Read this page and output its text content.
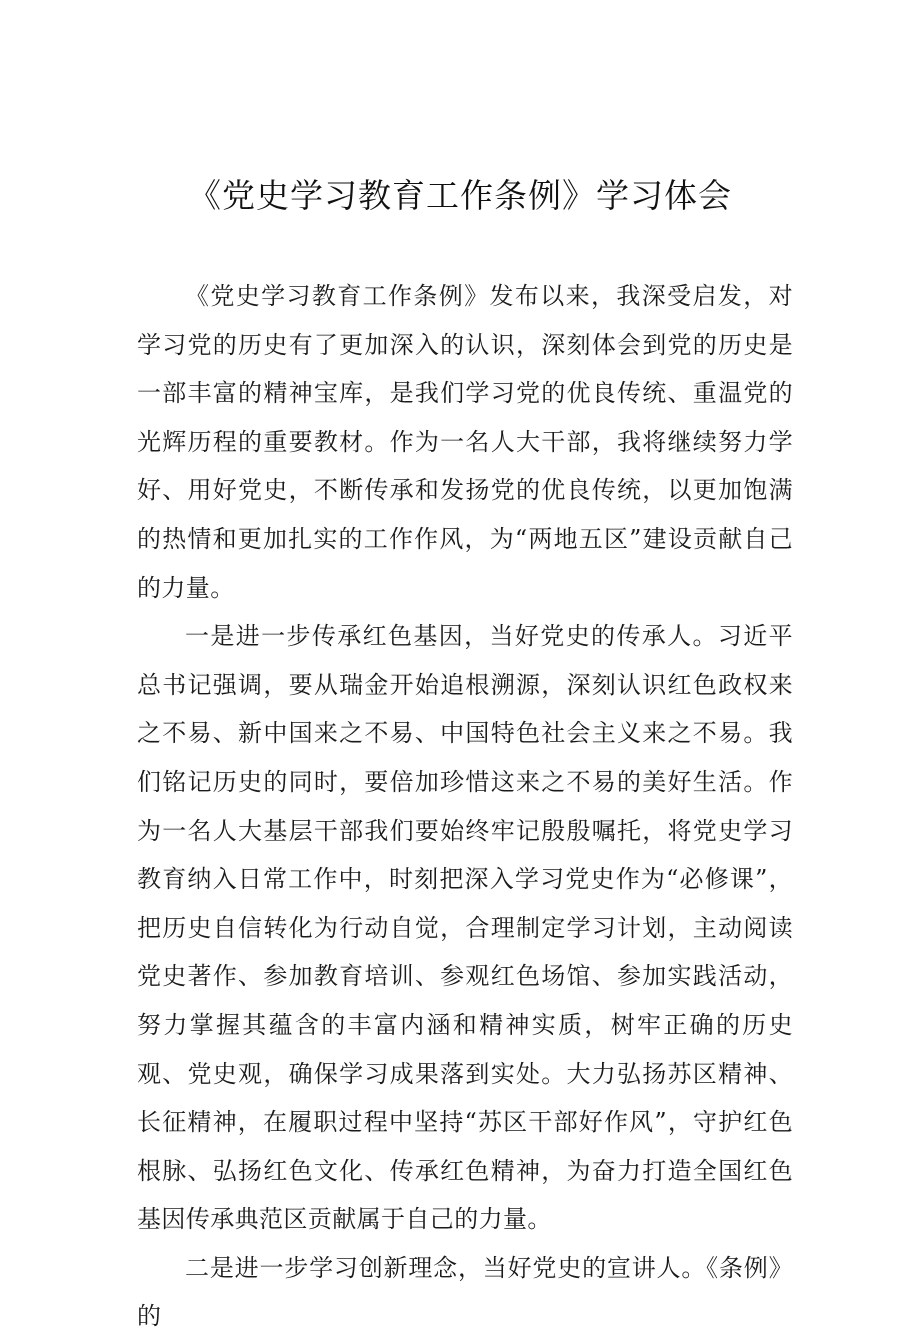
《党史学习教育工作条例》学习体会

《党史学习教育工作条例》发布以来，我深受启发，对学习党的历史有了更加深入的认识，深刻体会到党的历史是一部丰富的精神宝库，是我们学习党的优良传统、重温党的光辉历程的重要教材。作为一名人大干部，我将继续努力学好、用好党史，不断传承和发扬党的优良传统，以更加饱满的热情和更加扎实的工作作风，为“两地五区”建设贡献自己的力量。

一是进一步传承红色基因，当好党史的传承人。习近平总书记强调，要从瑞金开始追根溯源，深刻认识红色政权来之不易、新中国来之不易、中国特色社会主义来之不易。我们铭记历史的同时，要倍加珍惜这来之不易的美好生活。作为一名人大基层干部我们要始终牢记殷殷嘱托，将党史学习教育纳入日常工作中，时刻把深入学习党史作为“必修课”，把历史自信转化为行动自觉，合理制定学习计划，主动阅读党史著作、参加教育培训、参观红色场馆、参加实践活动，努力掌握其蕴含的丰富内涵和精神实质，树牢正确的历史观、党史观，确保学习成果落到实处。大力弘扬苏区精神、长征精神，在履职过程中坚持“苏区干部好作风”，守护红色根脉、弘扬红色文化、传承红色精神，为奋力打造全国红色基因传承典范区贡献属于自己的力量。

二是进一步学习创新理念，当好党史的宣讲人。《条例》的
